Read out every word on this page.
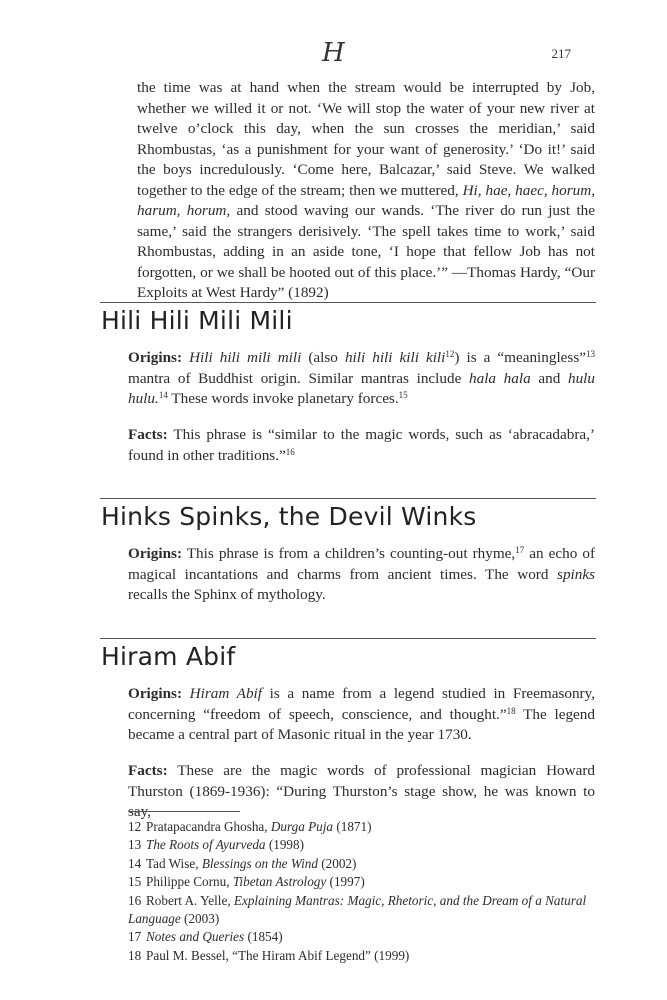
H	217

the time was at hand when the stream would be interrupted by Job, whether we willed it or not. ‘We will stop the water of your new river at twelve o’clock this day, when the sun crosses the meridian,’ said Rhombustas, ‘as a punishment for your want of generosity.’ ‘Do it!’ said the boys incredulously. ‘Come here, Balcazar,’ said Steve. We walked together to the edge of the stream; then we muttered, Hi, hae, haec, horum, harum, horum, and stood waving our wands. ‘The river do run just the same,’ said the strangers derisively. ‘The spell takes time to work,’ said Rhombustas, adding in an aside tone, ‘I hope that fellow Job has not forgotten, or we shall be hooted out of this place.’” —Thomas Hardy, “Our Exploits at West Hardy” (1892)

Hili Hili Mili Mili

Origins: Hili hili mili mili (also hili hili kili kili$^{12}$) is a “meaningless”$^{13}$ mantra of Buddhist origin. Similar mantras include hala hala and hulu hulu.$^{14}$ These words invoke planetary forces.$^{15}$

Facts: This phrase is “similar to the magic words, such as ‘abracadabra,’ found in other traditions.”$^{16}$

Hinks Spinks, the Devil Winks

Origins: This phrase is from a children’s counting-out rhyme,$^{17}$ an echo of magical incantations and charms from ancient times. The word spinks recalls the Sphinx of mythology.

Hiram Abif

Origins: Hiram Abif is a name from a legend studied in Freemasonry, concerning “freedom of speech, conscience, and thought.”$^{18}$ The legend became a central part of Masonic ritual in the year 1730.

Facts: These are the magic words of professional magician Howard Thurston (1869-1936): “During Thurston’s stage show, he was known to say,

12 Pratapacandra Ghosha, Durga Puja (1871)

13 The Roots of Ayurveda (1998)

14 Tad Wise, Blessings on the Wind (2002)

15 Philippe Cornu, Tibetan Astrology (1997)

16 Robert A. Yelle, Explaining Mantras: Magic, Rhetoric, and the Dream of a Natural Language (2003)

17 Notes and Queries (1854)

18 Paul M. Bessel, “The Hiram Abif Legend” (1999)
